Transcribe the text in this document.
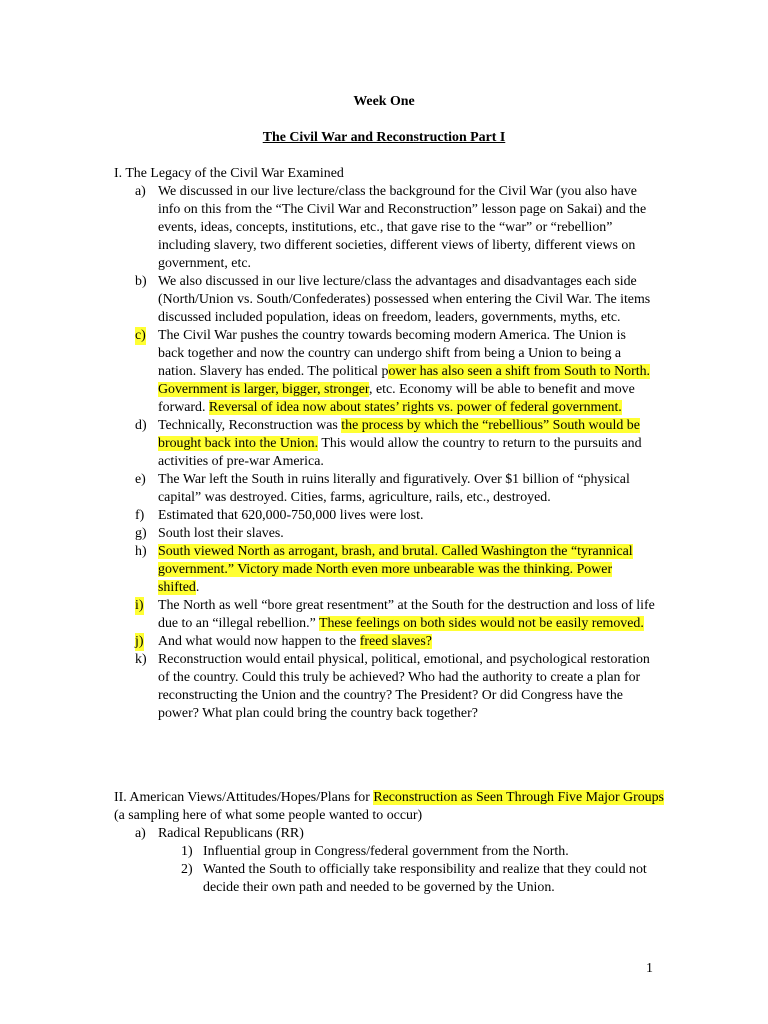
Week One
The Civil War and Reconstruction Part I
I. The Legacy of the Civil War Examined
a) We discussed in our live lecture/class the background for the Civil War (you also have info on this from the “The Civil War and Reconstruction” lesson page on Sakai) and the events, ideas, concepts, institutions, etc., that gave rise to the “war” or “rebellion” including slavery, two different societies, different views of liberty, different views on government, etc.
b) We also discussed in our live lecture/class the advantages and disadvantages each side (North/Union vs. South/Confederates) possessed when entering the Civil War. The items discussed included population, ideas on freedom, leaders, governments, myths, etc.
c) The Civil War pushes the country towards becoming modern America. The Union is back together and now the country can undergo shift from being a Union to being a nation. Slavery has ended. The political power has also seen a shift from South to North. Government is larger, bigger, stronger, etc. Economy will be able to benefit and move forward. Reversal of idea now about states’ rights vs. power of federal government.
d) Technically, Reconstruction was the process by which the “rebellious” South would be brought back into the Union. This would allow the country to return to the pursuits and activities of pre-war America.
e) The War left the South in ruins literally and figuratively. Over $1 billion of “physical capital” was destroyed. Cities, farms, agriculture, rails, etc., destroyed.
f) Estimated that 620,000-750,000 lives were lost.
g) South lost their slaves.
h) South viewed North as arrogant, brash, and brutal. Called Washington the “tyrannical government.” Victory made North even more unbearable was the thinking. Power shifted.
i) The North as well “bore great resentment” at the South for the destruction and loss of life due to an “illegal rebellion.” These feelings on both sides would not be easily removed.
j) And what would now happen to the freed slaves?
k) Reconstruction would entail physical, political, emotional, and psychological restoration of the country. Could this truly be achieved? Who had the authority to create a plan for reconstructing the Union and the country? The President? Or did Congress have the power? What plan could bring the country back together?
II. American Views/Attitudes/Hopes/Plans for Reconstruction as Seen Through Five Major Groups (a sampling here of what some people wanted to occur)
a) Radical Republicans (RR)
1) Influential group in Congress/federal government from the North.
2) Wanted the South to officially take responsibility and realize that they could not decide their own path and needed to be governed by the Union.
1
